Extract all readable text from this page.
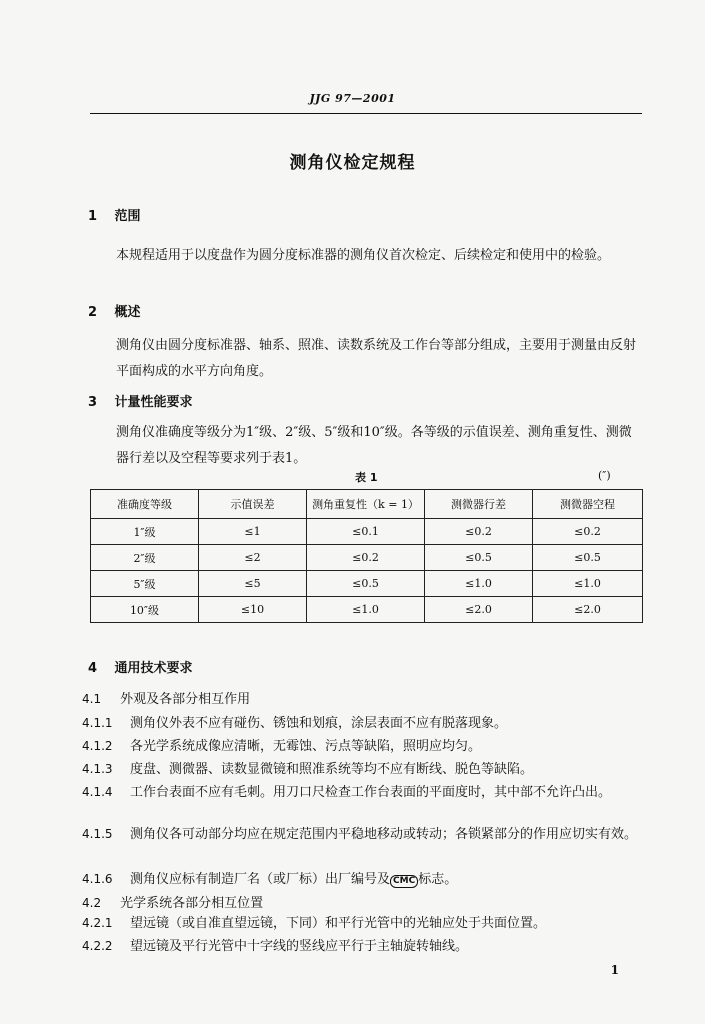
JJG 97—2001
测角仪检定规程
1 范围
本规程适用于以度盘作为圆分度标准器的测角仪首次检定、后续检定和使用中的检验。
2 概述
测角仪由圆分度标准器、轴系、照准、读数系统及工作台等部分组成，主要用于测量由反射平面构成的水平方向角度。
3 计量性能要求
测角仪准确度等级分为1″级、2″级、5″级和10″级。各等级的示值误差、测角重复性、测微器行差以及空程等要求列于表1。
表 1	(″)
准确度等级	示值误差	测角重复性（k = 1）	测微器行差	测微器空程
1″级	≤1	≤0.1	≤0.2	≤0.2
2″级	≤2	≤0.2	≤0.5	≤0.5
5″级	≤5	≤0.5	≤1.0	≤1.0
10″级	≤10	≤1.0	≤2.0	≤2.0
4 通用技术要求
4.1 外观及各部分相互作用
4.1.1 测角仪外表不应有碰伤、锈蚀和划痕，涂层表面不应有脱落现象。
4.1.2 各光学系统成像应清晰，无霉蚀、污点等缺陷，照明应均匀。
4.1.3 度盘、测微器、读数显微镜和照准系统等均不应有断线、脱色等缺陷。
4.1.4 工作台表面不应有毛刺。用刀口尺检查工作台表面的平面度时，其中部不允许凸出。
4.1.5 测角仪各可动部分均应在规定范围内平稳地移动或转动；各锁紧部分的作用应切实有效。
4.1.6 测角仪应标有制造厂名（或厂标）出厂编号及 CMC 标志。
4.2 光学系统各部分相互位置
4.2.1 望远镜（或自准直望远镜，下同）和平行光管中的光轴应处于共面位置。
4.2.2 望远镜及平行光管中十字线的竖线应平行于主轴旋转轴线。
1
